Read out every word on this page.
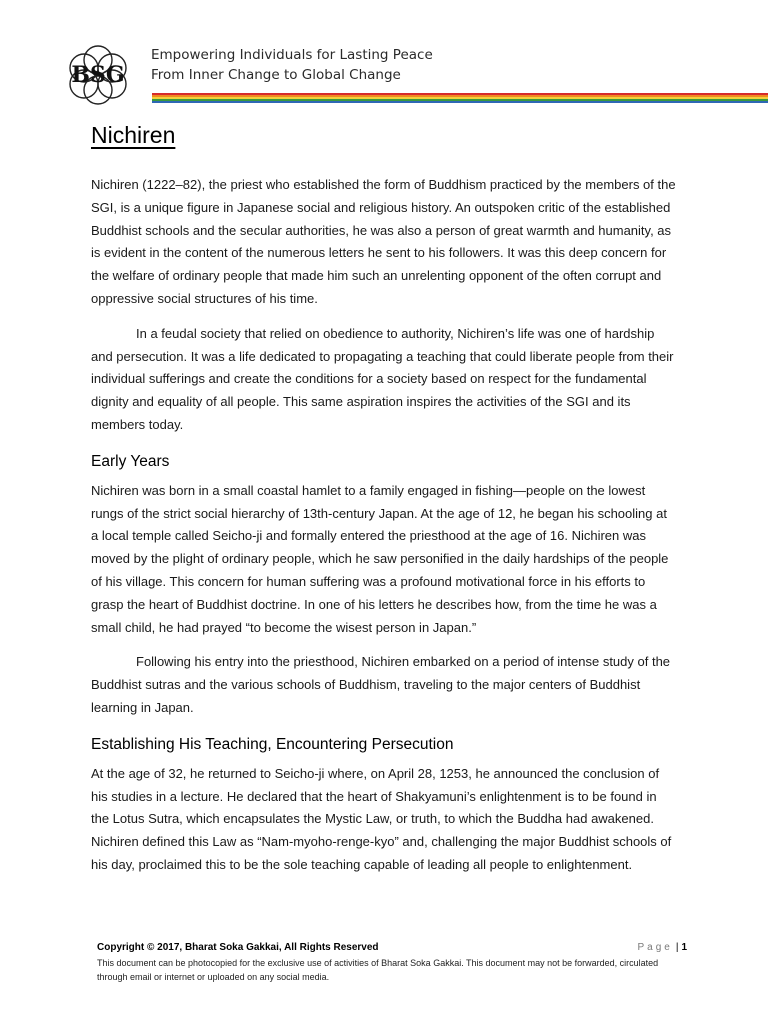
BSG
Empowering Individuals for Lasting Peace
From Inner Change to Global Change
Nichiren

Nichiren (1222–82), the priest who established the form of Buddhism practiced by the members of the SGI, is a unique figure in Japanese social and religious history. An outspoken critic of the established Buddhist schools and the secular authorities, he was also a person of great warmth and humanity, as is evident in the content of the numerous letters he sent to his followers. It was this deep concern for the welfare of ordinary people that made him such an unrelenting opponent of the often corrupt and oppressive social structures of his time.

In a feudal society that relied on obedience to authority, Nichiren’s life was one of hardship and persecution. It was a life dedicated to propagating a teaching that could liberate people from their individual sufferings and create the conditions for a society based on respect for the fundamental dignity and equality of all people. This same aspiration inspires the activities of the SGI and its members today.

Early Years

Nichiren was born in a small coastal hamlet to a family engaged in fishing—people on the lowest rungs of the strict social hierarchy of 13th-century Japan. At the age of 12, he began his schooling at a local temple called Seicho-ji and formally entered the priesthood at the age of 16. Nichiren was moved by the plight of ordinary people, which he saw personified in the daily hardships of the people of his village. This concern for human suffering was a profound motivational force in his efforts to grasp the heart of Buddhist doctrine. In one of his letters he describes how, from the time he was a small child, he had prayed “to become the wisest person in Japan.”

Following his entry into the priesthood, Nichiren embarked on a period of intense study of the Buddhist sutras and the various schools of Buddhism, traveling to the major centers of Buddhist learning in Japan.

Establishing His Teaching, Encountering Persecution

At the age of 32, he returned to Seicho-ji where, on April 28, 1253, he announced the conclusion of his studies in a lecture. He declared that the heart of Shakyamuni’s enlightenment is to be found in the Lotus Sutra, which encapsulates the Mystic Law, or truth, to which the Buddha had awakened. Nichiren defined this Law as “Nam-myoho-renge-kyo” and, challenging the major Buddhist schools of his day, proclaimed this to be the sole teaching capable of leading all people to enlightenment.

Copyright © 2017, Bharat Soka Gakkai, All Rights Reserved
This document can be photocopied for the exclusive use of activities of Bharat Soka Gakkai. This document may not be forwarded, circulated through email or internet or uploaded on any social media.
Page | 1
